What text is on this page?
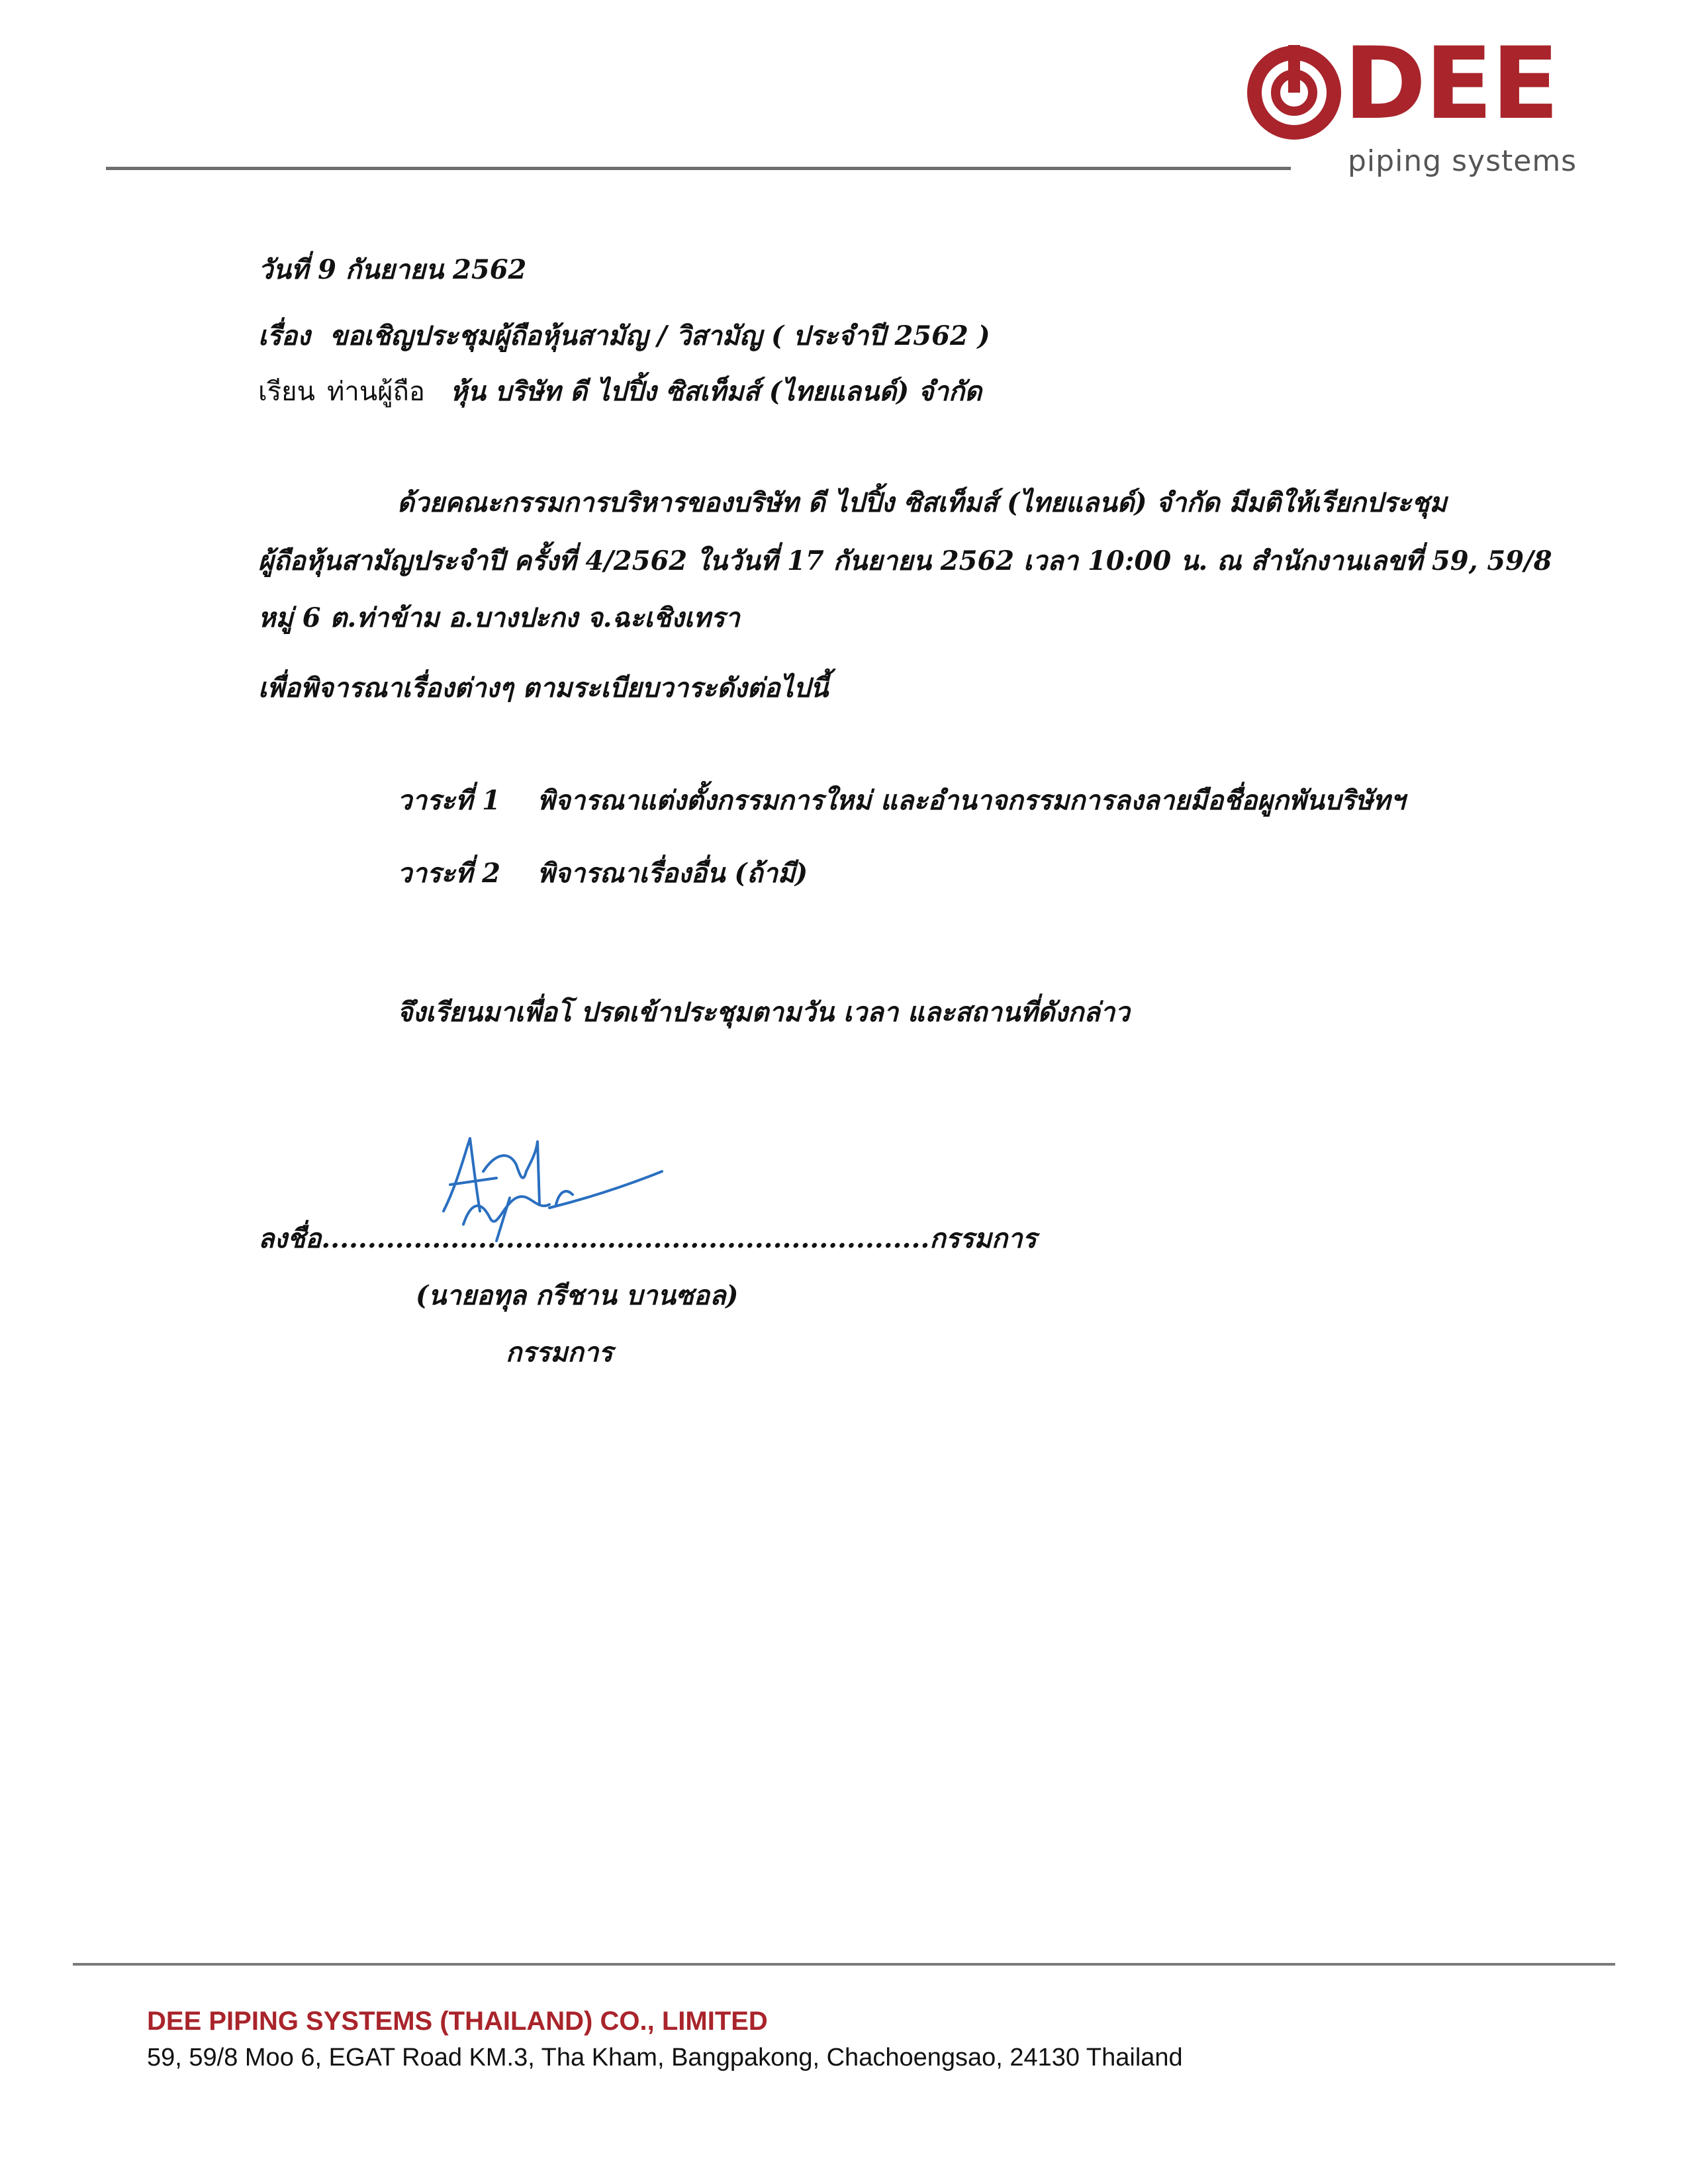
DEE
piping systems
วันที่ 9 กันยายน 2562
เรื่อง ขอเชิญประชุมผู้ถือหุ้นสามัญ / วิสามัญ ( ประจำปี 2562 )
เรียน ท่านผู้ถือ หุ้น บริษัท ดี ไปปิ้ง ซิสเท็มส์ (ไทยแลนด์) จำกัด
ด้วยคณะกรรมการบริหารของบริษัท ดี ไปปิ้ง ซิสเท็มส์ (ไทยแลนด์) จำกัด มีมติให้เรียกประชุม
ผู้ถือหุ้นสามัญประจำปี ครั้งที่ 4/2562 ในวันที่ 17 กันยายน 2562 เวลา 10:00 น. ณ สำนักงานเลขที่ 59, 59/8
หมู่ 6 ต.ท่าข้าม อ.บางปะกง จ.ฉะเชิงเทรา
เพื่อพิจารณาเรื่องต่างๆ ตามระเบียบวาระดังต่อไปนี้
วาระที่ 1 พิจารณาแต่งตั้งกรรมการใหม่ และอำนาจกรรมการลงลายมือชื่อผูกพันบริษัทฯ
วาระที่ 2 พิจารณาเรื่องอื่น (ถ้ามี)
จึงเรียนมาเพื่อโ ปรดเข้าประชุมตามวัน เวลา และสถานที่ดังกล่าว
ลงชื่อ..................................................................กรรมการ
(นายอทุล กรีชาน บานซอล)
กรรมการ
DEE PIPING SYSTEMS (THAILAND) CO., LIMITED
59, 59/8 Moo 6, EGAT Road KM.3, Tha Kham, Bangpakong, Chachoengsao, 24130 Thailand
